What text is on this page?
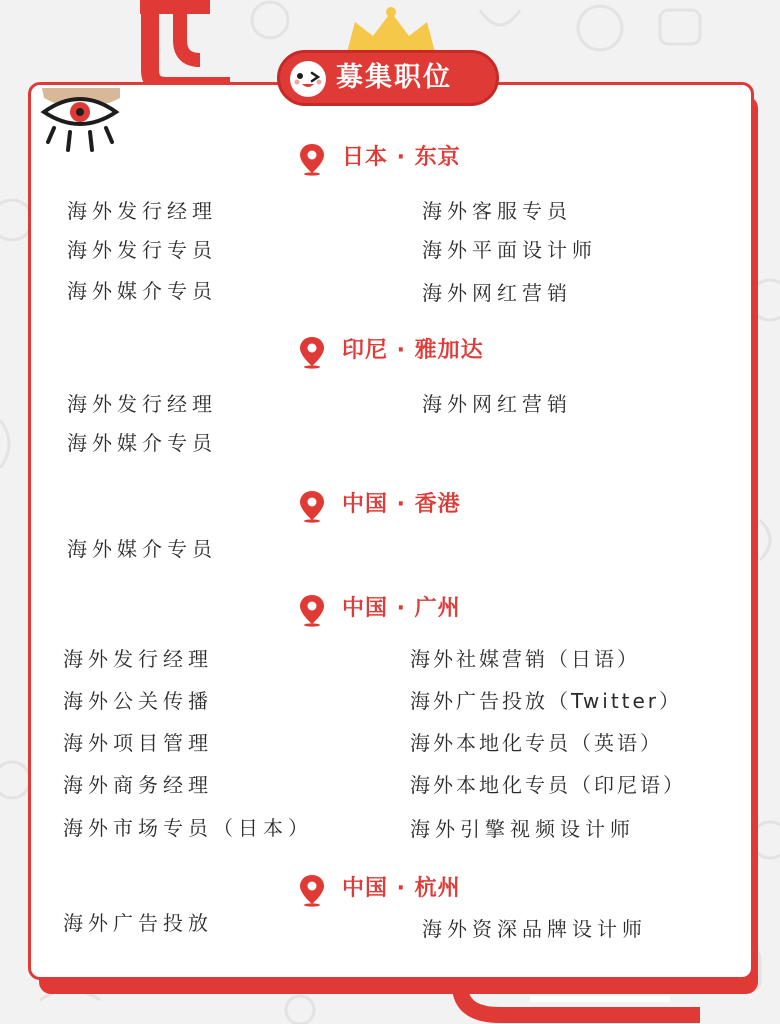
募集职位
日本 · 东京
海外发行经理
海外发行专员
海外媒介专员
海外客服专员
海外平面设计师
海外网红营销
印尼 · 雅加达
海外发行经理
海外媒介专员
海外网红营销
中国 · 香港
海外媒介专员
中国 · 广州
海外发行经理
海外公关传播
海外项目管理
海外商务经理
海外市场专员（日本）
海外社媒营销（日语）
海外广告投放（Twitter）
海外本地化专员（英语）
海外本地化专员（印尼语）
海外引擎视频设计师
中国 · 杭州
海外广告投放	海外资深品牌设计师
